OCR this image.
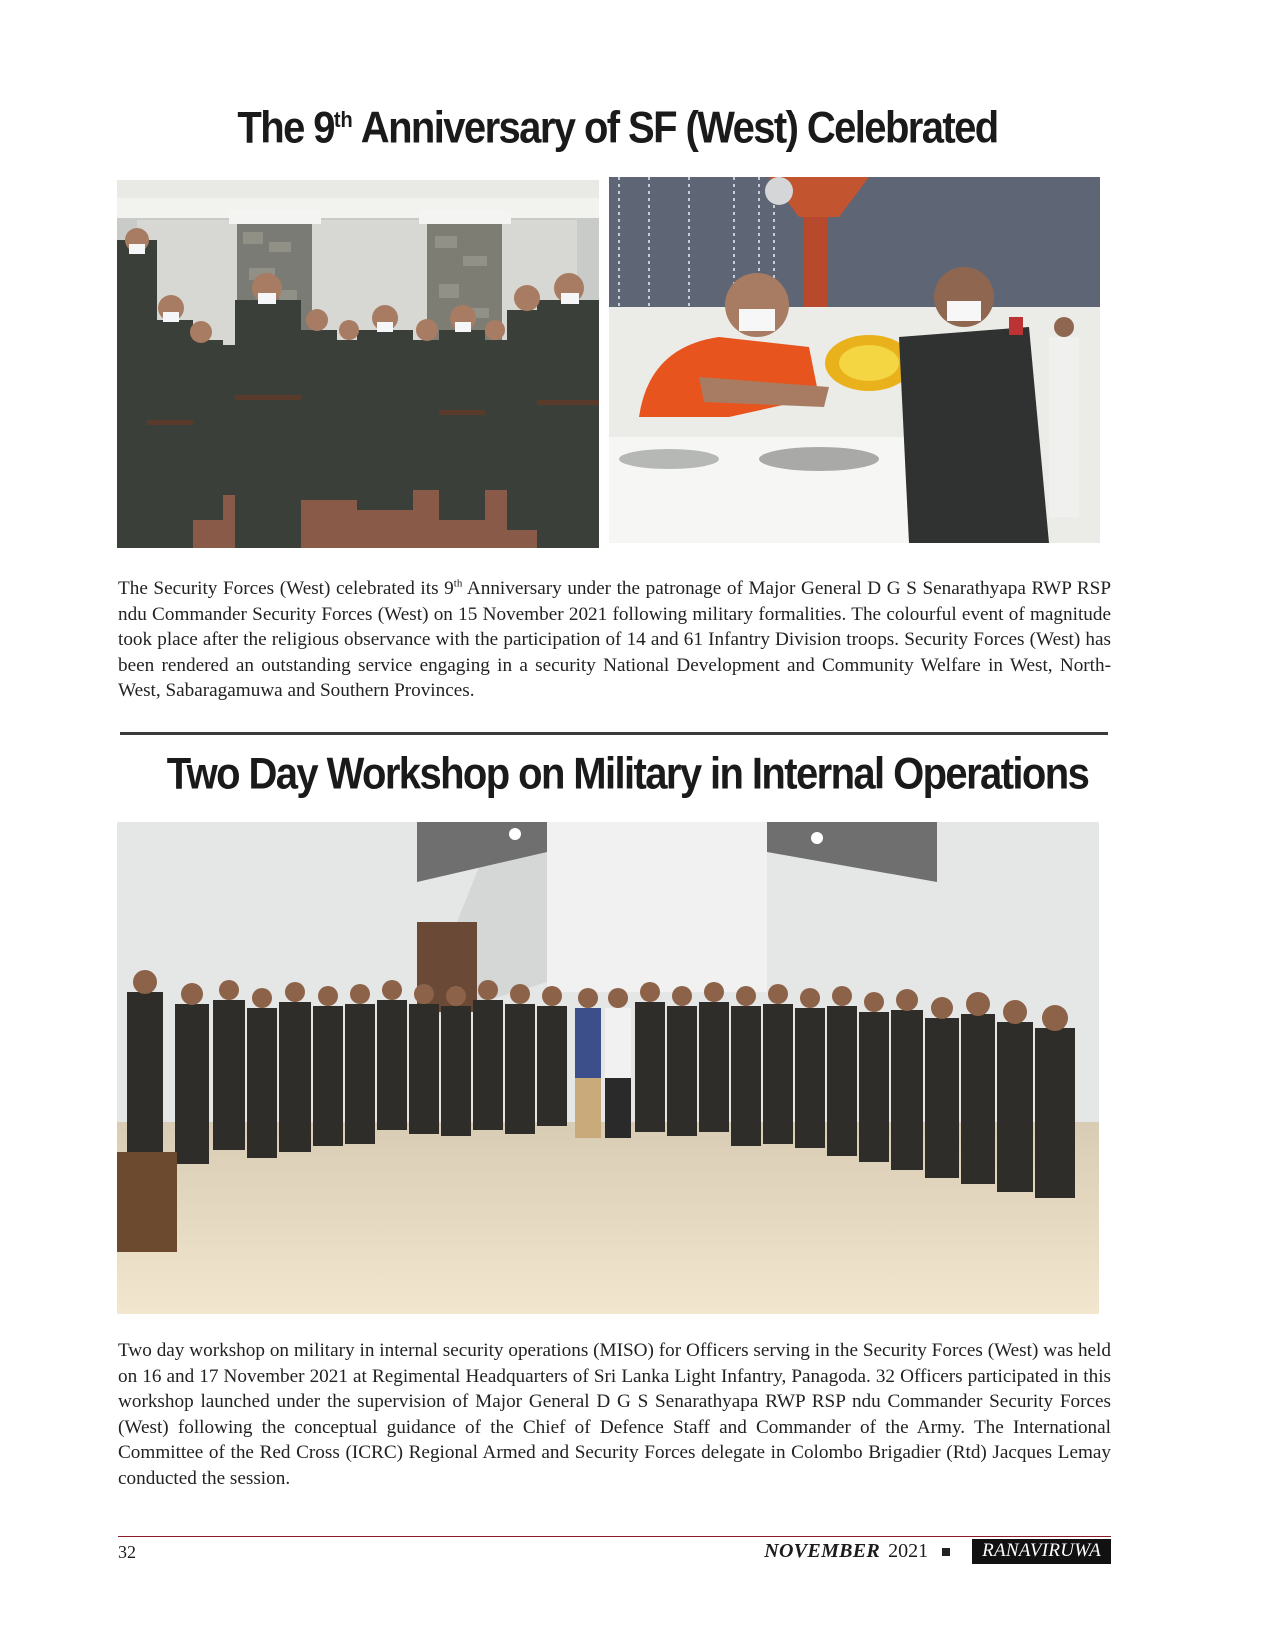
The 9th Anniversary of SF (West) Celebrated

The Security Forces (West) celebrated its 9th Anniversary under the patronage of Major General D G S Senarathyapa RWP RSP ndu Commander Security Forces (West) on 15 November 2021 following military formalities. The colourful event of magnitude took place after the religious observance with the participation of 14 and 61 Infantry Division troops. Security Forces (West) has been rendered an outstanding service engaging in a security National Development and Community Welfare in West, North-West, Sabaragamuwa and Southern Provinces.

Two Day Workshop on Military in Internal Operations

Two day workshop on military in internal security operations (MISO) for Officers serving in the Security Forces (West) was held on 16 and 17 November 2021 at Regimental Headquarters of Sri Lanka Light Infantry, Panagoda. 32 Officers participated in this workshop launched under the supervision of Major General D G S Senarathyapa RWP RSP ndu Commander Security Forces (West) following the conceptual guidance of the Chief of Defence Staff and Commander of the Army. The International Committee of the Red Cross (ICRC) Regional Armed and Security Forces delegate in Colombo Brigadier (Rtd) Jacques Lemay conducted the session.

32	NOVEMBER 2021	RANAVIRUWA
